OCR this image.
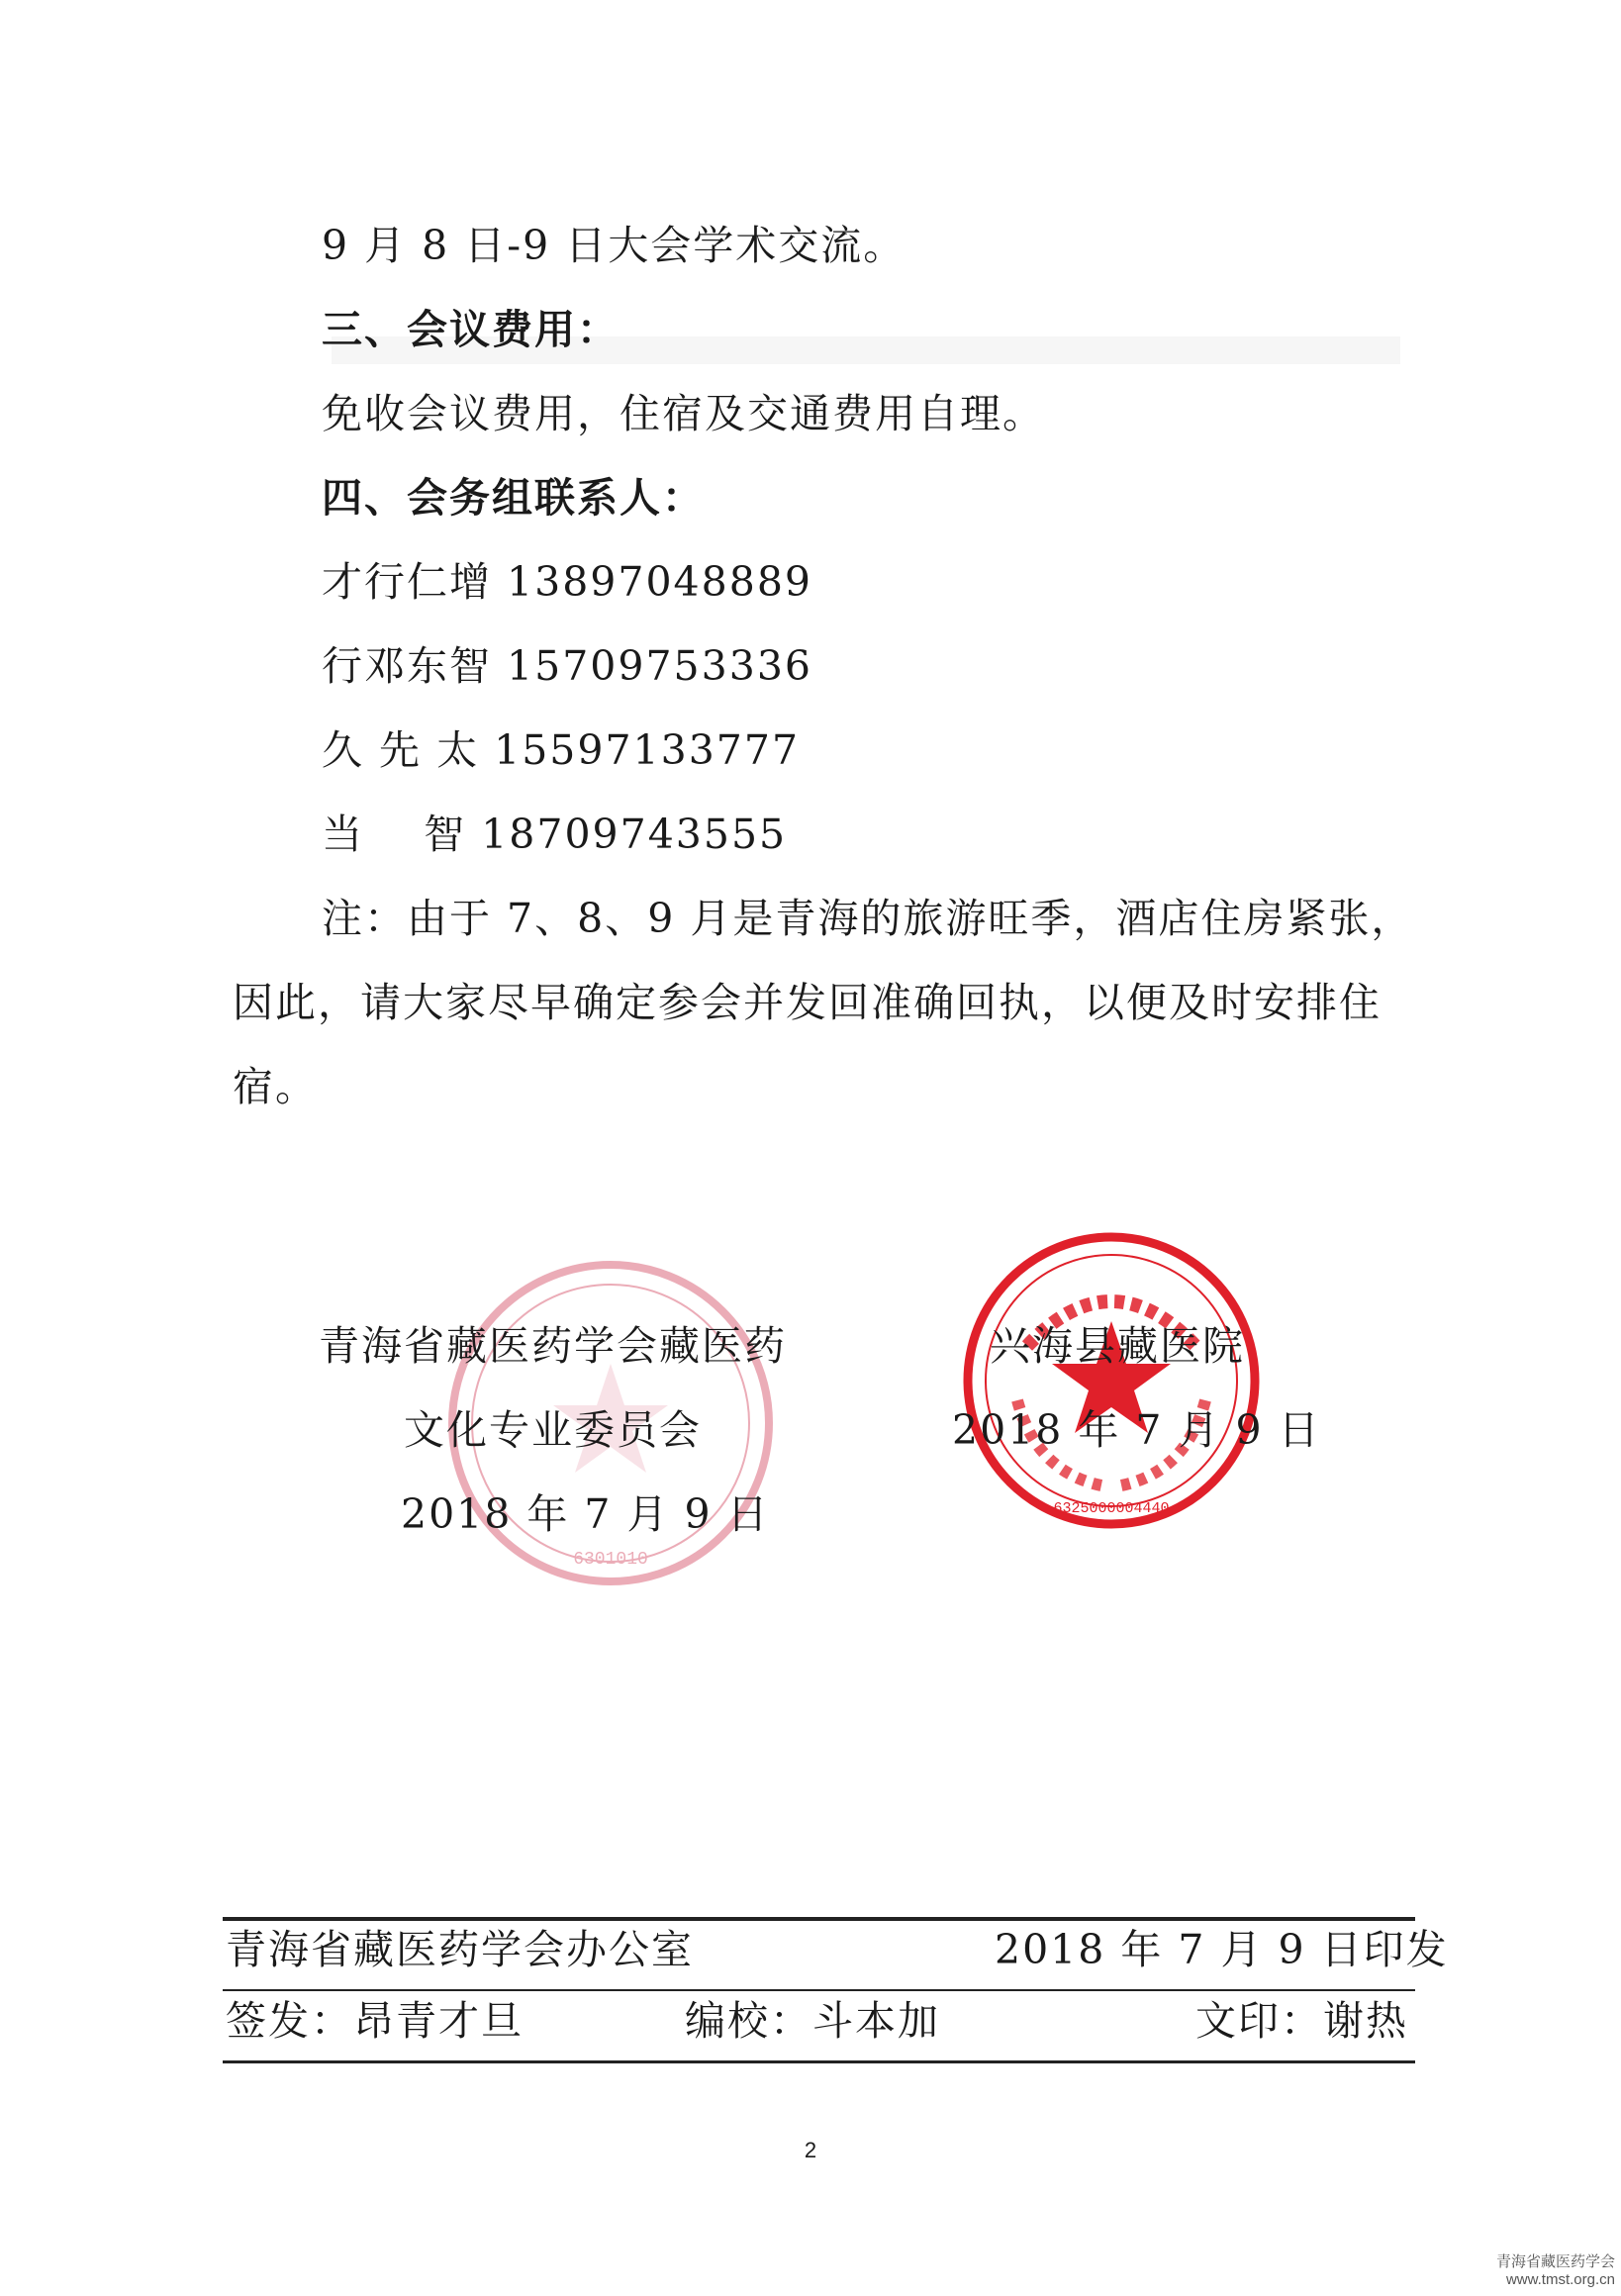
9 月 8 日-9 日大会学术交流。
三、会议费用：
免收会议费用，住宿及交通费用自理。
四、会务组联系人：
才行仁增 13897048889
行邓东智 15709753336
久 先 太 15597133777
当    智 18709743555
注：由于 7、8、9 月是青海的旅游旺季，酒店住房紧张，
因此，请大家尽早确定参会并发回准确回执，以便及时安排住
宿。
6301010
6325000004440
青海省藏医药学会藏医药
文化专业委员会
2018 年 7 月 9 日
兴海县藏医院
2018 年 7 月 9 日
青海省藏医药学会办公室	2018 年 7 月 9 日印发
签发：昂青才旦	编校：斗本加	文印：谢热
2
青海省藏医药学会
www.tmst.org.cn
